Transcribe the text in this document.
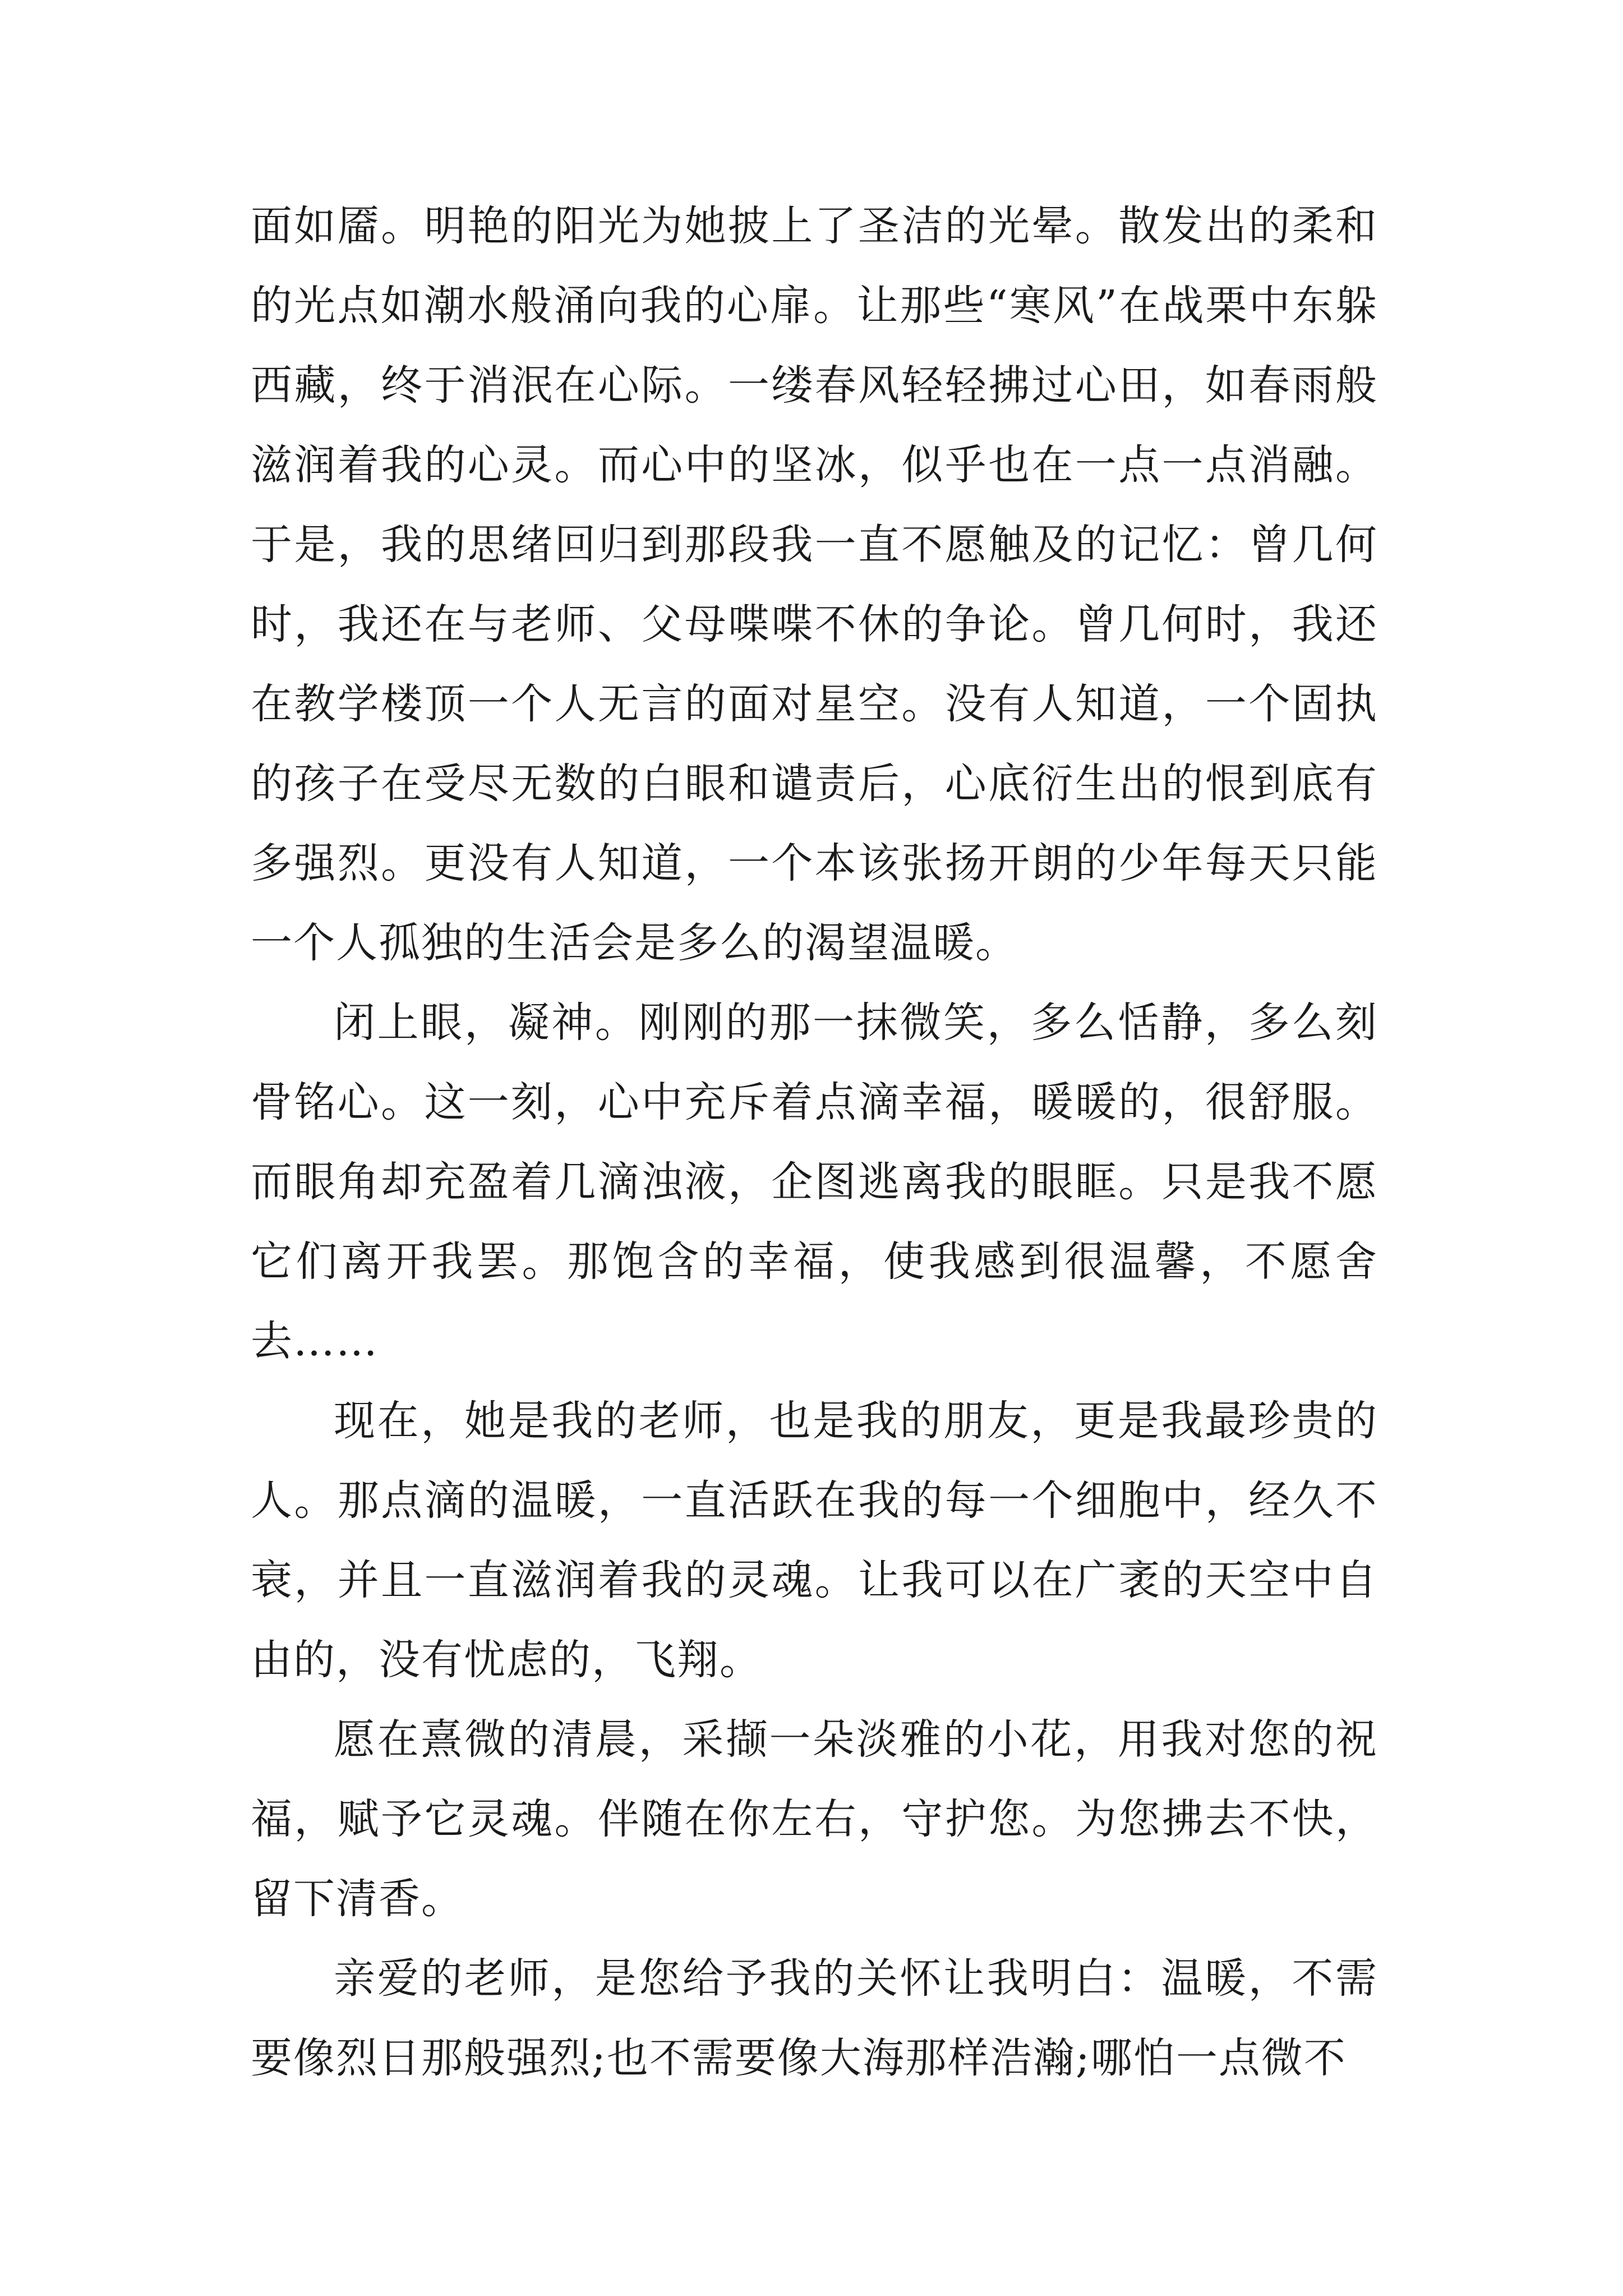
面如靥。明艳的阳光为她披上了圣洁的光晕。散发出的柔和的光点如潮水般涌向我的心扉。让那些“寒风”在战栗中东躲西藏，终于消泯在心际。一缕春风轻轻拂过心田，如春雨般滋润着我的心灵。而心中的坚冰，似乎也在一点一点消融。于是，我的思绪回归到那段我一直不愿触及的记忆：曾几何时，我还在与老师、父母喋喋不休的争论。曾几何时，我还在教学楼顶一个人无言的面对星空。没有人知道，一个固执的孩子在受尽无数的白眼和谴责后，心底衍生出的恨到底有多强烈。更没有人知道，一个本该张扬开朗的少年每天只能一个人孤独的生活会是多么的渴望温暖。

闭上眼，凝神。刚刚的那一抹微笑，多么恬静，多么刻骨铭心。这一刻，心中充斥着点滴幸福，暖暖的，很舒服。而眼角却充盈着几滴浊液，企图逃离我的眼眶。只是我不愿它们离开我罢。那饱含的幸福，使我感到很温馨，不愿舍去……

现在，她是我的老师，也是我的朋友，更是我最珍贵的人。那点滴的温暖，一直活跃在我的每一个细胞中，经久不衰，并且一直滋润着我的灵魂。让我可以在广袤的天空中自由的，没有忧虑的，飞翔。

愿在熹微的清晨，采撷一朵淡雅的小花，用我对您的祝福，赋予它灵魂。伴随在你左右，守护您。为您拂去不快，留下清香。

亲爱的老师，是您给予我的关怀让我明白：温暖，不需要像烈日那般强烈;也不需要像大海那样浩瀚;哪怕一点微不
